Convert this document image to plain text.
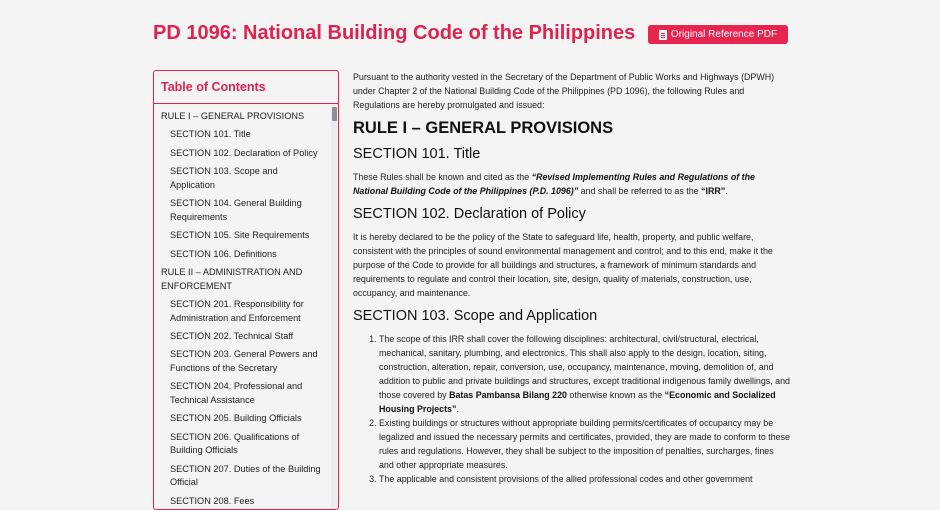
PD 1096: National Building Code of the Philippines	Original Reference PDF
Table of Contents
RULE I – GENERAL PROVISIONS
SECTION 101. Title
SECTION 102. Declaration of Policy
SECTION 103. Scope and Application
SECTION 104. General Building Requirements
SECTION 105. Site Requirements
SECTION 106. Definitions
RULE II – ADMINISTRATION AND ENFORCEMENT
SECTION 201. Responsibility for Administration and Enforcement
SECTION 202. Technical Staff
SECTION 203. General Powers and Functions of the Secretary
SECTION 204. Professional and Technical Assistance
SECTION 205. Building Officials
SECTION 206. Qualifications of Building Officials
SECTION 207. Duties of the Building Official
SECTION 208. Fees

Pursuant to the authority vested in the Secretary of the Department of Public Works and Highways (DPWH) under Chapter 2 of the National Building Code of the Philippines (PD 1096), the following Rules and Regulations are hereby promulgated and issued:

RULE I – GENERAL PROVISIONS
SECTION 101. Title

These Rules shall be known and cited as the “Revised Implementing Rules and Regulations of the National Building Code of the Philippines (P.D. 1096)” and shall be referred to as the “IRR”.

SECTION 102. Declaration of Policy

It is hereby declared to be the policy of the State to safeguard life, health, property, and public welfare, consistent with the principles of sound environmental management and control; and to this end, make it the purpose of the Code to provide for all buildings and structures, a framework of minimum standards and requirements to regulate and control their location, site, design, quality of materials, construction, use, occupancy, and maintenance.

SECTION 103. Scope and Application
1. The scope of this IRR shall cover the following disciplines: architectural, civil/structural, electrical, mechanical, sanitary, plumbing, and electronics. This shall also apply to the design, location, siting, construction, alteration, repair, conversion, use, occupancy, maintenance, moving, demolition of, and addition to public and private buildings and structures, except traditional indigenous family dwellings, and those covered by Batas Pambansa Bilang 220 otherwise known as the “Economic and Socialized Housing Projects”.
2. Existing buildings or structures without appropriate building permits/certificates of occupancy may be legalized and issued the necessary permits and certificates, provided, they are made to conform to these rules and regulations. However, they shall be subject to the imposition of penalties, surcharges, fines and other appropriate measures.
3. The applicable and consistent provisions of the allied professional codes and other government
